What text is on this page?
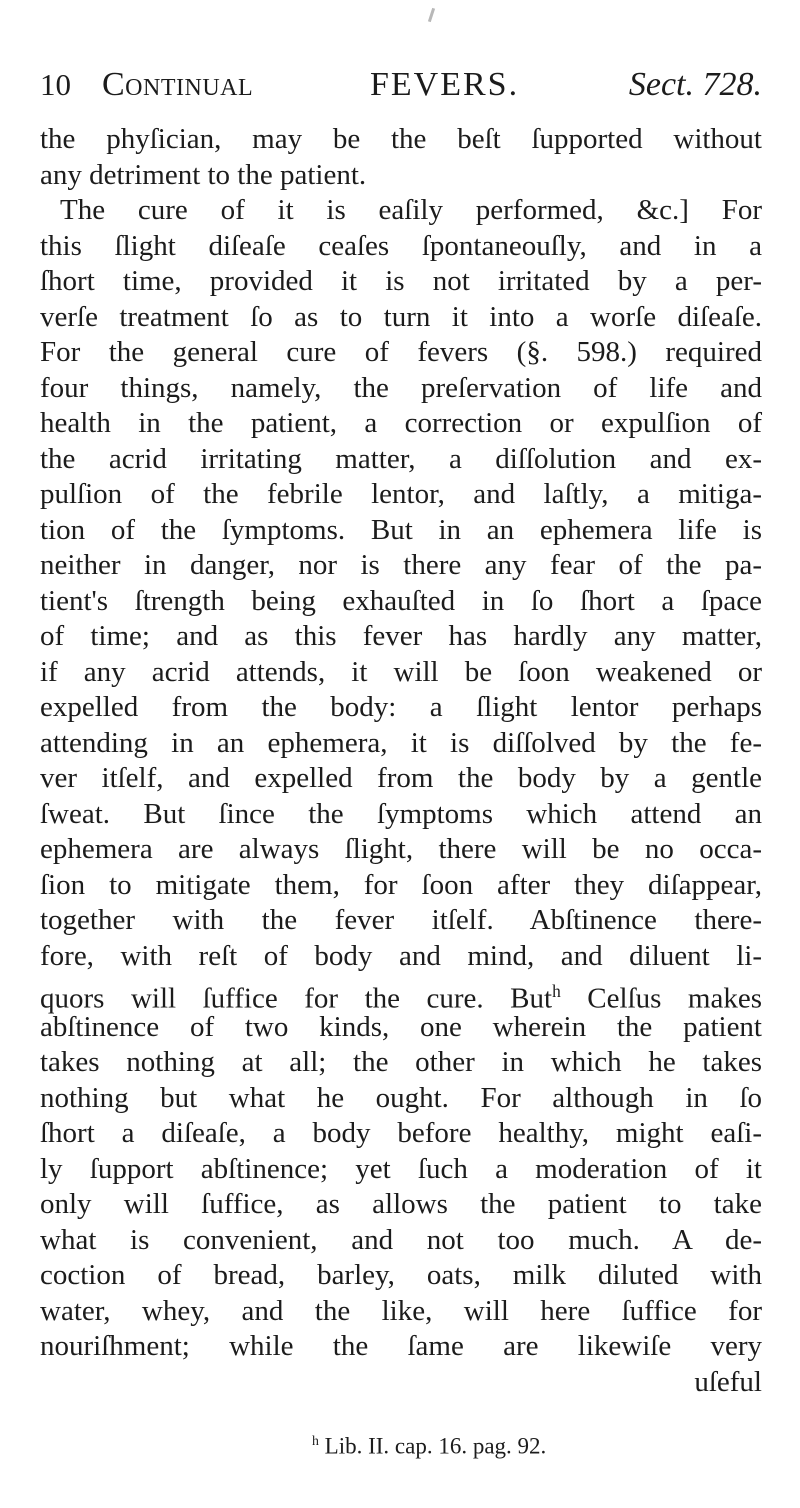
10 Continual	FEVERS.	Sect. 728.
the phyſician, may be the beſt ſupported without
any detriment to the patient.
The cure of it is eaſily performed, &c.] For
this ſlight diſeaſe ceaſes ſpontaneouſly, and in a
ſhort time, provided it is not irritated by a per-
verſe treatment ſo as to turn it into a worſe diſeaſe.
For the general cure of fevers (§. 598.) required
four things, namely, the preſervation of life and
health in the patient, a correction or expulſion of
the acrid irritating matter, a diſſolution and ex-
pulſion of the febrile lentor, and laſtly, a mitiga-
tion of the ſymptoms. But in an ephemera life is
neither in danger, nor is there any fear of the pa-
tient's ſtrength being exhauſted in ſo ſhort a ſpace
of time; and as this fever has hardly any matter,
if any acrid attends, it will be ſoon weakened or
expelled from the body: a ſlight lentor perhaps
attending in an ephemera, it is diſſolved by the fe-
ver itſelf, and expelled from the body by a gentle
ſweat. But ſince the ſymptoms which attend an
ephemera are always ſlight, there will be no occa-
ſion to mitigate them, for ſoon after they diſappear,
together with the fever itſelf. Abſtinence there-
fore, with reſt of body and mind, and diluent li-
quors will ſuffice for the cure. But$^h$ Celſus makes
abſtinence of two kinds, one wherein the patient
takes nothing at all; the other in which he takes
nothing but what he ought. For although in ſo
ſhort a diſeaſe, a body before healthy, might eaſi-
ly ſupport abſtinence; yet ſuch a moderation of it
only will ſuffice, as allows the patient to take
what is convenient, and not too much. A de-
coction of bread, barley, oats, milk diluted with
water, whey, and the like, will here ſuffice for
nouriſhment; while the ſame are likewiſe very
uſeful
$^h$ Lib. II. cap. 16. pag. 92.
